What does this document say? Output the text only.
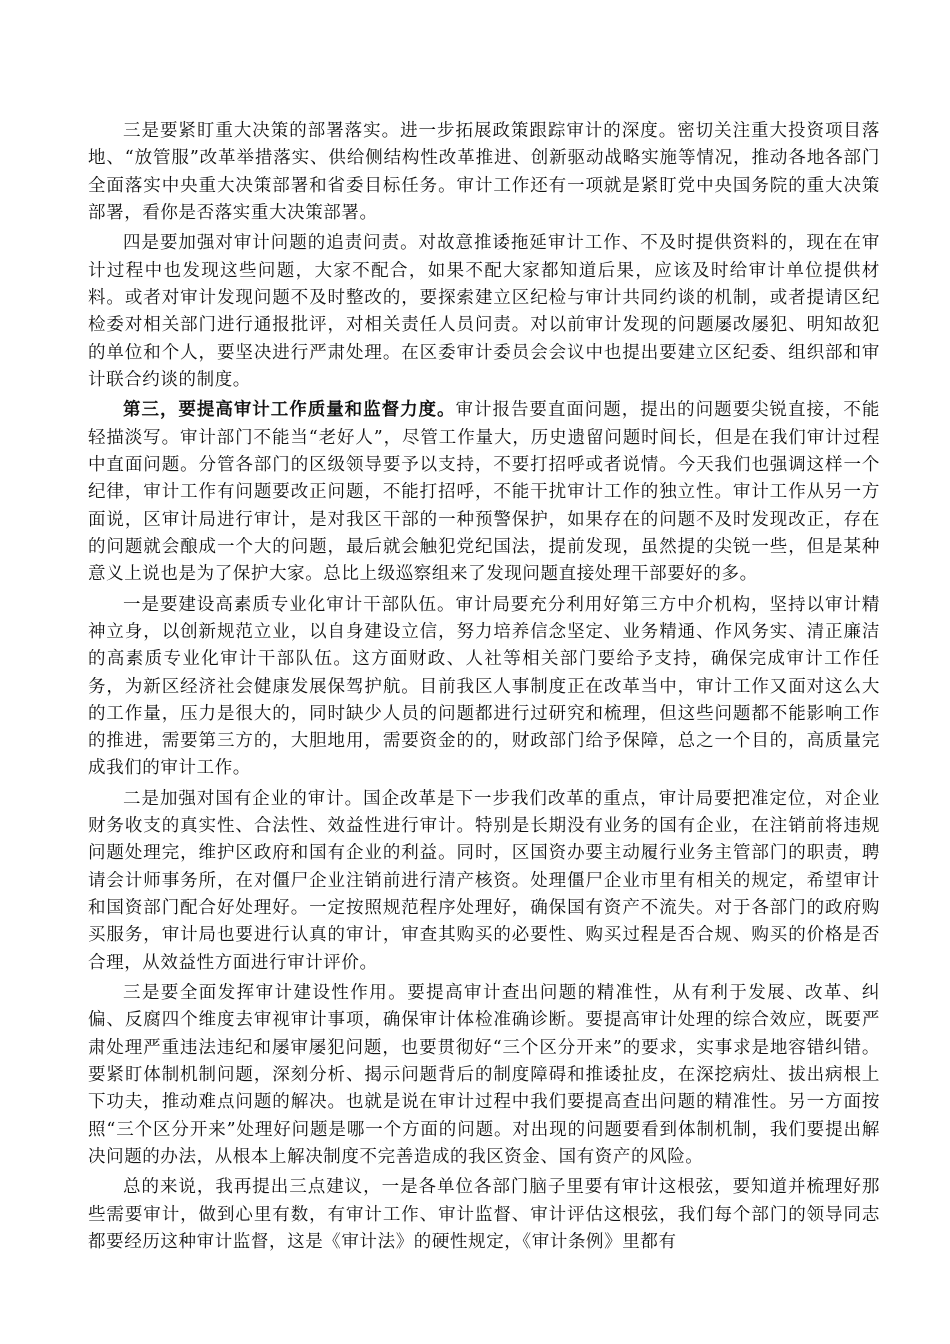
三是要紧盯重大决策的部署落实。进一步拓展政策跟踪审计的深度。密切关注重大投资项目落地、“放管服”改革举措落实、供给侧结构性改革推进、创新驱动战略实施等情况，推动各地各部门全面落实中央重大决策部署和省委目标任务。审计工作还有一项就是紧盯党中央国务院的重大决策部署，看你是否落实重大决策部署。

四是要加强对审计问题的追责问责。对故意推诿拖延审计工作、不及时提供资料的，现在在审计过程中也发现这些问题，大家不配合，如果不配大家都知道后果，应该及时给审计单位提供材料。或者对审计发现问题不及时整改的，要探索建立区纪检与审计共同约谈的机制，或者提请区纪检委对相关部门进行通报批评，对相关责任人员问责。对以前审计发现的问题屡改屡犯、明知故犯的单位和个人，要坚决进行严肃处理。在区委审计委员会会议中也提出要建立区纪委、组织部和审计联合约谈的制度。

第三，要提高审计工作质量和监督力度。审计报告要直面问题，提出的问题要尖锐直接，不能轻描淡写。审计部门不能当“老好人”，尽管工作量大，历史遗留问题时间长，但是在我们审计过程中直面问题。分管各部门的区级领导要予以支持，不要打招呼或者说情。今天我们也强调这样一个纪律，审计工作有问题要改正问题，不能打招呼，不能干扰审计工作的独立性。审计工作从另一方面说，区审计局进行审计，是对我区干部的一种预警保护，如果存在的问题不及时发现改正，存在的问题就会酿成一个大的问题，最后就会触犯党纪国法，提前发现，虽然提的尖锐一些，但是某种意义上说也是为了保护大家。总比上级巡察组来了发现问题直接处理干部要好的多。

一是要建设高素质专业化审计干部队伍。审计局要充分利用好第三方中介机构，坚持以审计精神立身，以创新规范立业，以自身建设立信，努力培养信念坚定、业务精通、作风务实、清正廉洁的高素质专业化审计干部队伍。这方面财政、人社等相关部门要给予支持，确保完成审计工作任务，为新区经济社会健康发展保驾护航。目前我区人事制度正在改革当中，审计工作又面对这么大的工作量，压力是很大的，同时缺少人员的问题都进行过研究和梳理，但这些问题都不能影响工作的推进，需要第三方的，大胆地用，需要资金的的，财政部门给予保障，总之一个目的，高质量完成我们的审计工作。

二是加强对国有企业的审计。国企改革是下一步我们改革的重点，审计局要把准定位，对企业财务收支的真实性、合法性、效益性进行审计。特别是长期没有业务的国有企业，在注销前将违规问题处理完，维护区政府和国有企业的利益。同时，区国资办要主动履行业务主管部门的职责，聘请会计师事务所，在对僵尸企业注销前进行清产核资。处理僵尸企业市里有相关的规定，希望审计和国资部门配合好处理好。一定按照规范程序处理好，确保国有资产不流失。对于各部门的政府购买服务，审计局也要进行认真的审计，审查其购买的必要性、购买过程是否合规、购买的价格是否合理，从效益性方面进行审计评价。

三是要全面发挥审计建设性作用。要提高审计查出问题的精准性，从有利于发展、改革、纠偏、反腐四个维度去审视审计事项，确保审计体检准确诊断。要提高审计处理的综合效应，既要严肃处理严重违法违纪和屡审屡犯问题，也要贯彻好“三个区分开来”的要求，实事求是地容错纠错。要紧盯体制机制问题，深刻分析、揭示问题背后的制度障碍和推诿扯皮，在深挖病灶、拔出病根上下功夫，推动难点问题的解决。也就是说在审计过程中我们要提高查出问题的精准性。另一方面按照“三个区分开来”处理好问题是哪一个方面的问题。对出现的问题要看到体制机制，我们要提出解决问题的办法，从根本上解决制度不完善造成的我区资金、国有资产的风险。

总的来说，我再提出三点建议，一是各单位各部门脑子里要有审计这根弦，要知道并梳理好那些需要审计，做到心里有数，有审计工作、审计监督、审计评估这根弦，我们每个部门的领导同志都要经历这种审计监督，这是《审计法》的硬性规定，《审计条例》里都有
